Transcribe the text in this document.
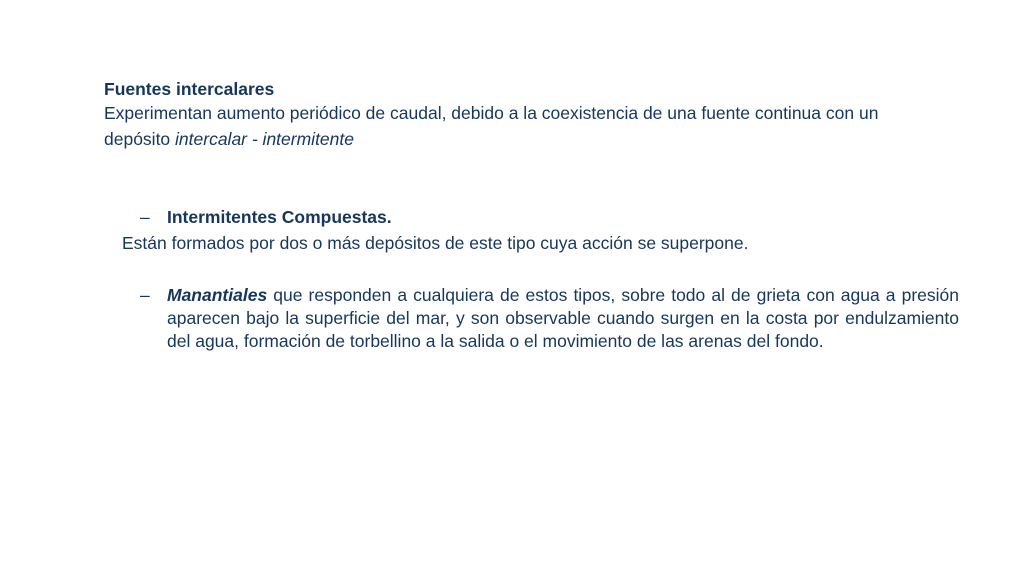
Fuentes intercalares
Experimentan aumento periódico de caudal, debido a la coexistencia de una fuente continua con un
depósito intercalar - intermitente
– Intermitentes Compuestas.
Están formados por dos o más depósitos de este tipo cuya acción se superpone.
– Manantiales que responden a cualquiera de estos tipos, sobre todo al de grieta con agua a presión aparecen bajo la superficie del mar, y son observable cuando surgen en la costa por endulzamiento del agua, formación de torbellino a la salida o el movimiento de las arenas del fondo.
